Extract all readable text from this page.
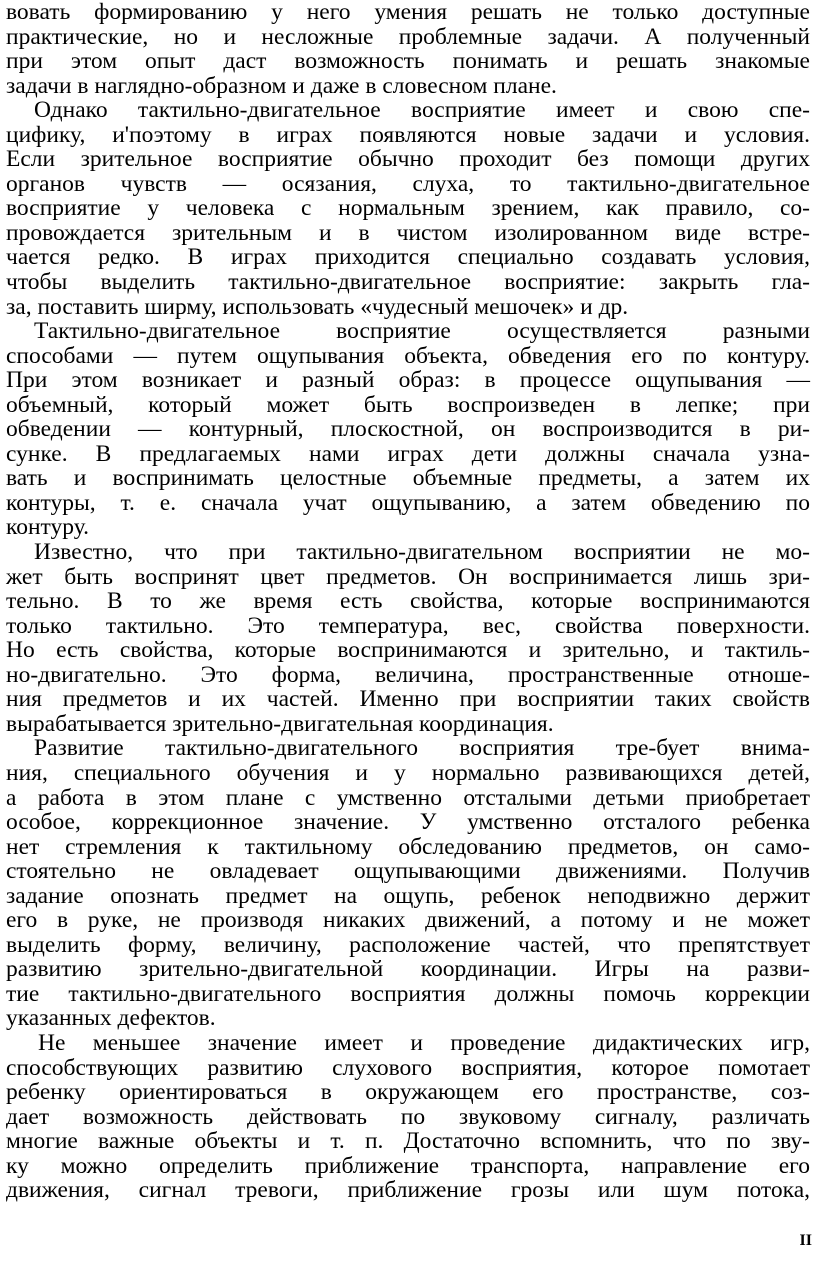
вовать формированию у него умения решать не только доступные
практические, но и несложные проблемные задачи. А полученный
при этом опыт даст возможность понимать и решать знакомые
задачи в наглядно-образном и даже в словесном плане.

Однако тактильно-двигательное восприятие имеет и свою спе-
цифику, и'поэтому в играх появляются новые задачи и условия.
Если зрительное восприятие обычно проходит без помощи других
органов чувств — осязания, слуха, то тактильно-двигательное
восприятие у человека с нормальным зрением, как правило, со-
провождается зрительным и в чистом изолированном виде встре-
чается редко. В играх приходится специально создавать условия,
чтобы выделить тактильно-двигательное восприятие: закрыть гла-
за, поставить ширму, использовать «чудесный мешочек» и др.

Тактильно-двигательное восприятие осуществляется разными
способами — путем ощупывания объекта, обведения его по контуру.
При этом возникает и разный образ: в процессе ощупывания —
объемный, который может быть воспроизведен в лепке; при
обведении — контурный, плоскостной, он воспроизводится в ри-
сунке. В предлагаемых нами играх дети должны сначала узна-
вать и воспринимать целостные объемные предметы, а затем их
контуры, т. е. сначала учат ощупыванию, а затем обведению по
контуру.

Известно, что при тактильно-двигательном восприятии не мо-
жет быть воспринят цвет предметов. Он воспринимается лишь зри-
тельно. В то же время есть свойства, которые воспринимаются
только тактильно. Это температура, вес, свойства поверхности.
Но есть свойства, которые воспринимаются и зрительно, и тактиль-
но-двигательно. Это форма, величина, пространственные отноше-
ния предметов и их частей. Именно при восприятии таких свойств
вырабатывается зрительно-двигательная координация.

Развитие тактильно-двигательного восприятия тре-бует внима-
ния, специального обучения и у нормально развивающихся детей,
а работа в этом плане с умственно отсталыми детьми приобретает
особое, коррекционное значение. У умственно отсталого ребенка
нет стремления к тактильному обследованию предметов, он само-
стоятельно не овладевает ощупывающими движениями. Получив
задание опознать предмет на ощупь, ребенок неподвижно держит
его в руке, не производя никаких движений, а потому и не может
выделить форму, величину, расположение частей, что препятствует
развитию зрительно-двигательной координации. Игры на разви-
тие тактильно-двигательного восприятия должны помочь коррекции
указанных дефектов.

Не меньшее значение имеет и проведение дидактических игр,
способствующих развитию слухового восприятия, которое помотает
ребенку ориентироваться в окружающем его пространстве, соз-
дает возможность действовать по звуковому сигналу, различать
многие важные объекты и т. п. Достаточно вспомнить, что по зву-
ку можно определить приближение транспорта, направление его
движения, сигнал тревоги, приближение грозы или шум потока,

II
